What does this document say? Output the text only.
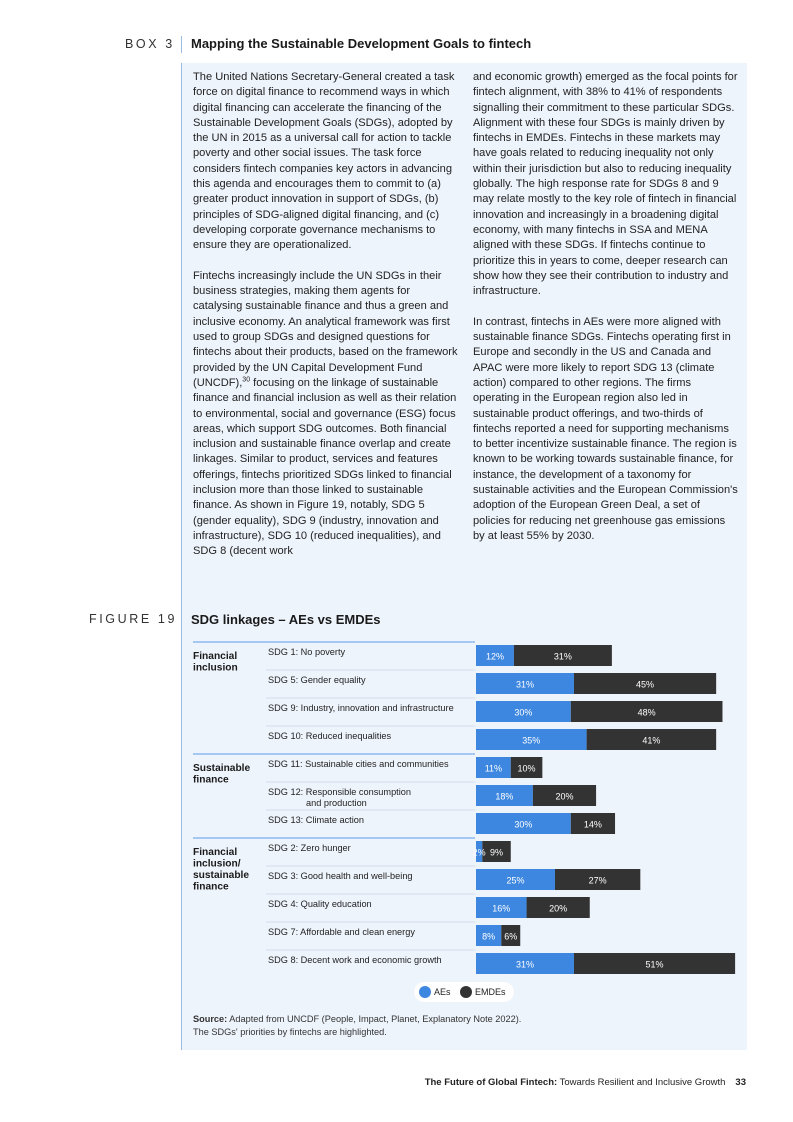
BOX 3 Mapping the Sustainable Development Goals to fintech

The United Nations Secretary-General created a task force on digital finance to recommend ways in which digital financing can accelerate the financing of the Sustainable Development Goals (SDGs), adopted by the UN in 2015 as a universal call for action to tackle poverty and other social issues. The task force considers fintech companies key actors in advancing this agenda and encourages them to commit to (a) greater product innovation in support of SDGs, (b) principles of SDG-aligned digital financing, and (c) developing corporate governance mechanisms to ensure they are operationalized.

Fintechs increasingly include the UN SDGs in their business strategies, making them agents for catalysing sustainable finance and thus a green and inclusive economy. An analytical framework was first used to group SDGs and designed questions for fintechs about their products, based on the framework provided by the UN Capital Development Fund (UNCDF),$^{30}$ focusing on the linkage of sustainable finance and financial inclusion as well as their relation to environmental, social and governance (ESG) focus areas, which support SDG outcomes. Both financial inclusion and sustainable finance overlap and create linkages. Similar to product, services and features offerings, fintechs prioritized SDGs linked to financial inclusion more than those linked to sustainable finance. As shown in Figure 19, notably, SDG 5 (gender equality), SDG 9 (industry, innovation and infrastructure), SDG 10 (reduced inequalities), and SDG 8 (decent work

and economic growth) emerged as the focal points for fintech alignment, with 38% to 41% of respondents signalling their commitment to these particular SDGs. Alignment with these four SDGs is mainly driven by fintechs in EMDEs. Fintechs in these markets may have goals related to reducing inequality not only within their jurisdiction but also to reducing inequality globally. The high response rate for SDGs 8 and 9 may relate mostly to the key role of fintech in financial innovation and increasingly in a broadening digital economy, with many fintechs in SSA and MENA aligned with these SDGs. If fintechs continue to prioritize this in years to come, deeper research can show how they see their contribution to industry and infrastructure.

In contrast, fintechs in AEs were more aligned with sustainable finance SDGs. Fintechs operating first in Europe and secondly in the US and Canada and APAC were more likely to report SDG 13 (climate action) compared to other regions. The firms operating in the European region also led in sustainable product offerings, and two-thirds of fintechs reported a need for supporting mechanisms to better incentivize sustainable finance. The region is known to be working towards sustainable finance, for instance, the development of a taxonomy for sustainable activities and the European Commission's adoption of the European Green Deal, a set of policies for reducing net greenhouse gas emissions by at least 55% by 2030.

FIGURE 19 SDG linkages – AEs vs EMDEs
Financial inclusion
Sustainable finance
Financial inclusion/ sustainable finance
SDG 1: No poverty	12%	31%
SDG 5: Gender equality	31%	45%
SDG 9: Industry, innovation and infrastructure	30%	48%
SDG 10: Reduced inequalities	35%	41%
SDG 11: Sustainable cities and communities	11% 10%
SDG 12: Responsible consumption and production
18%	20%
SDG 13: Climate action	30%	14%
SDG 2: Zero hunger	2% 9%
SDG 3: Good health and well-being	25%	27%
SDG 4: Quality education	16%	20%
SDG 7: Affordable and clean energy	8% 6%
SDG 8: Decent work and economic growth	31%	51%
AEs	EMDEs
Source: Adapted from UNCDF (People, Impact, Planet, Explanatory Note 2022).
The SDGs' priorities by fintechs are highlighted.
The Future of Global Fintech: Towards Resilient and Inclusive Growth 33
